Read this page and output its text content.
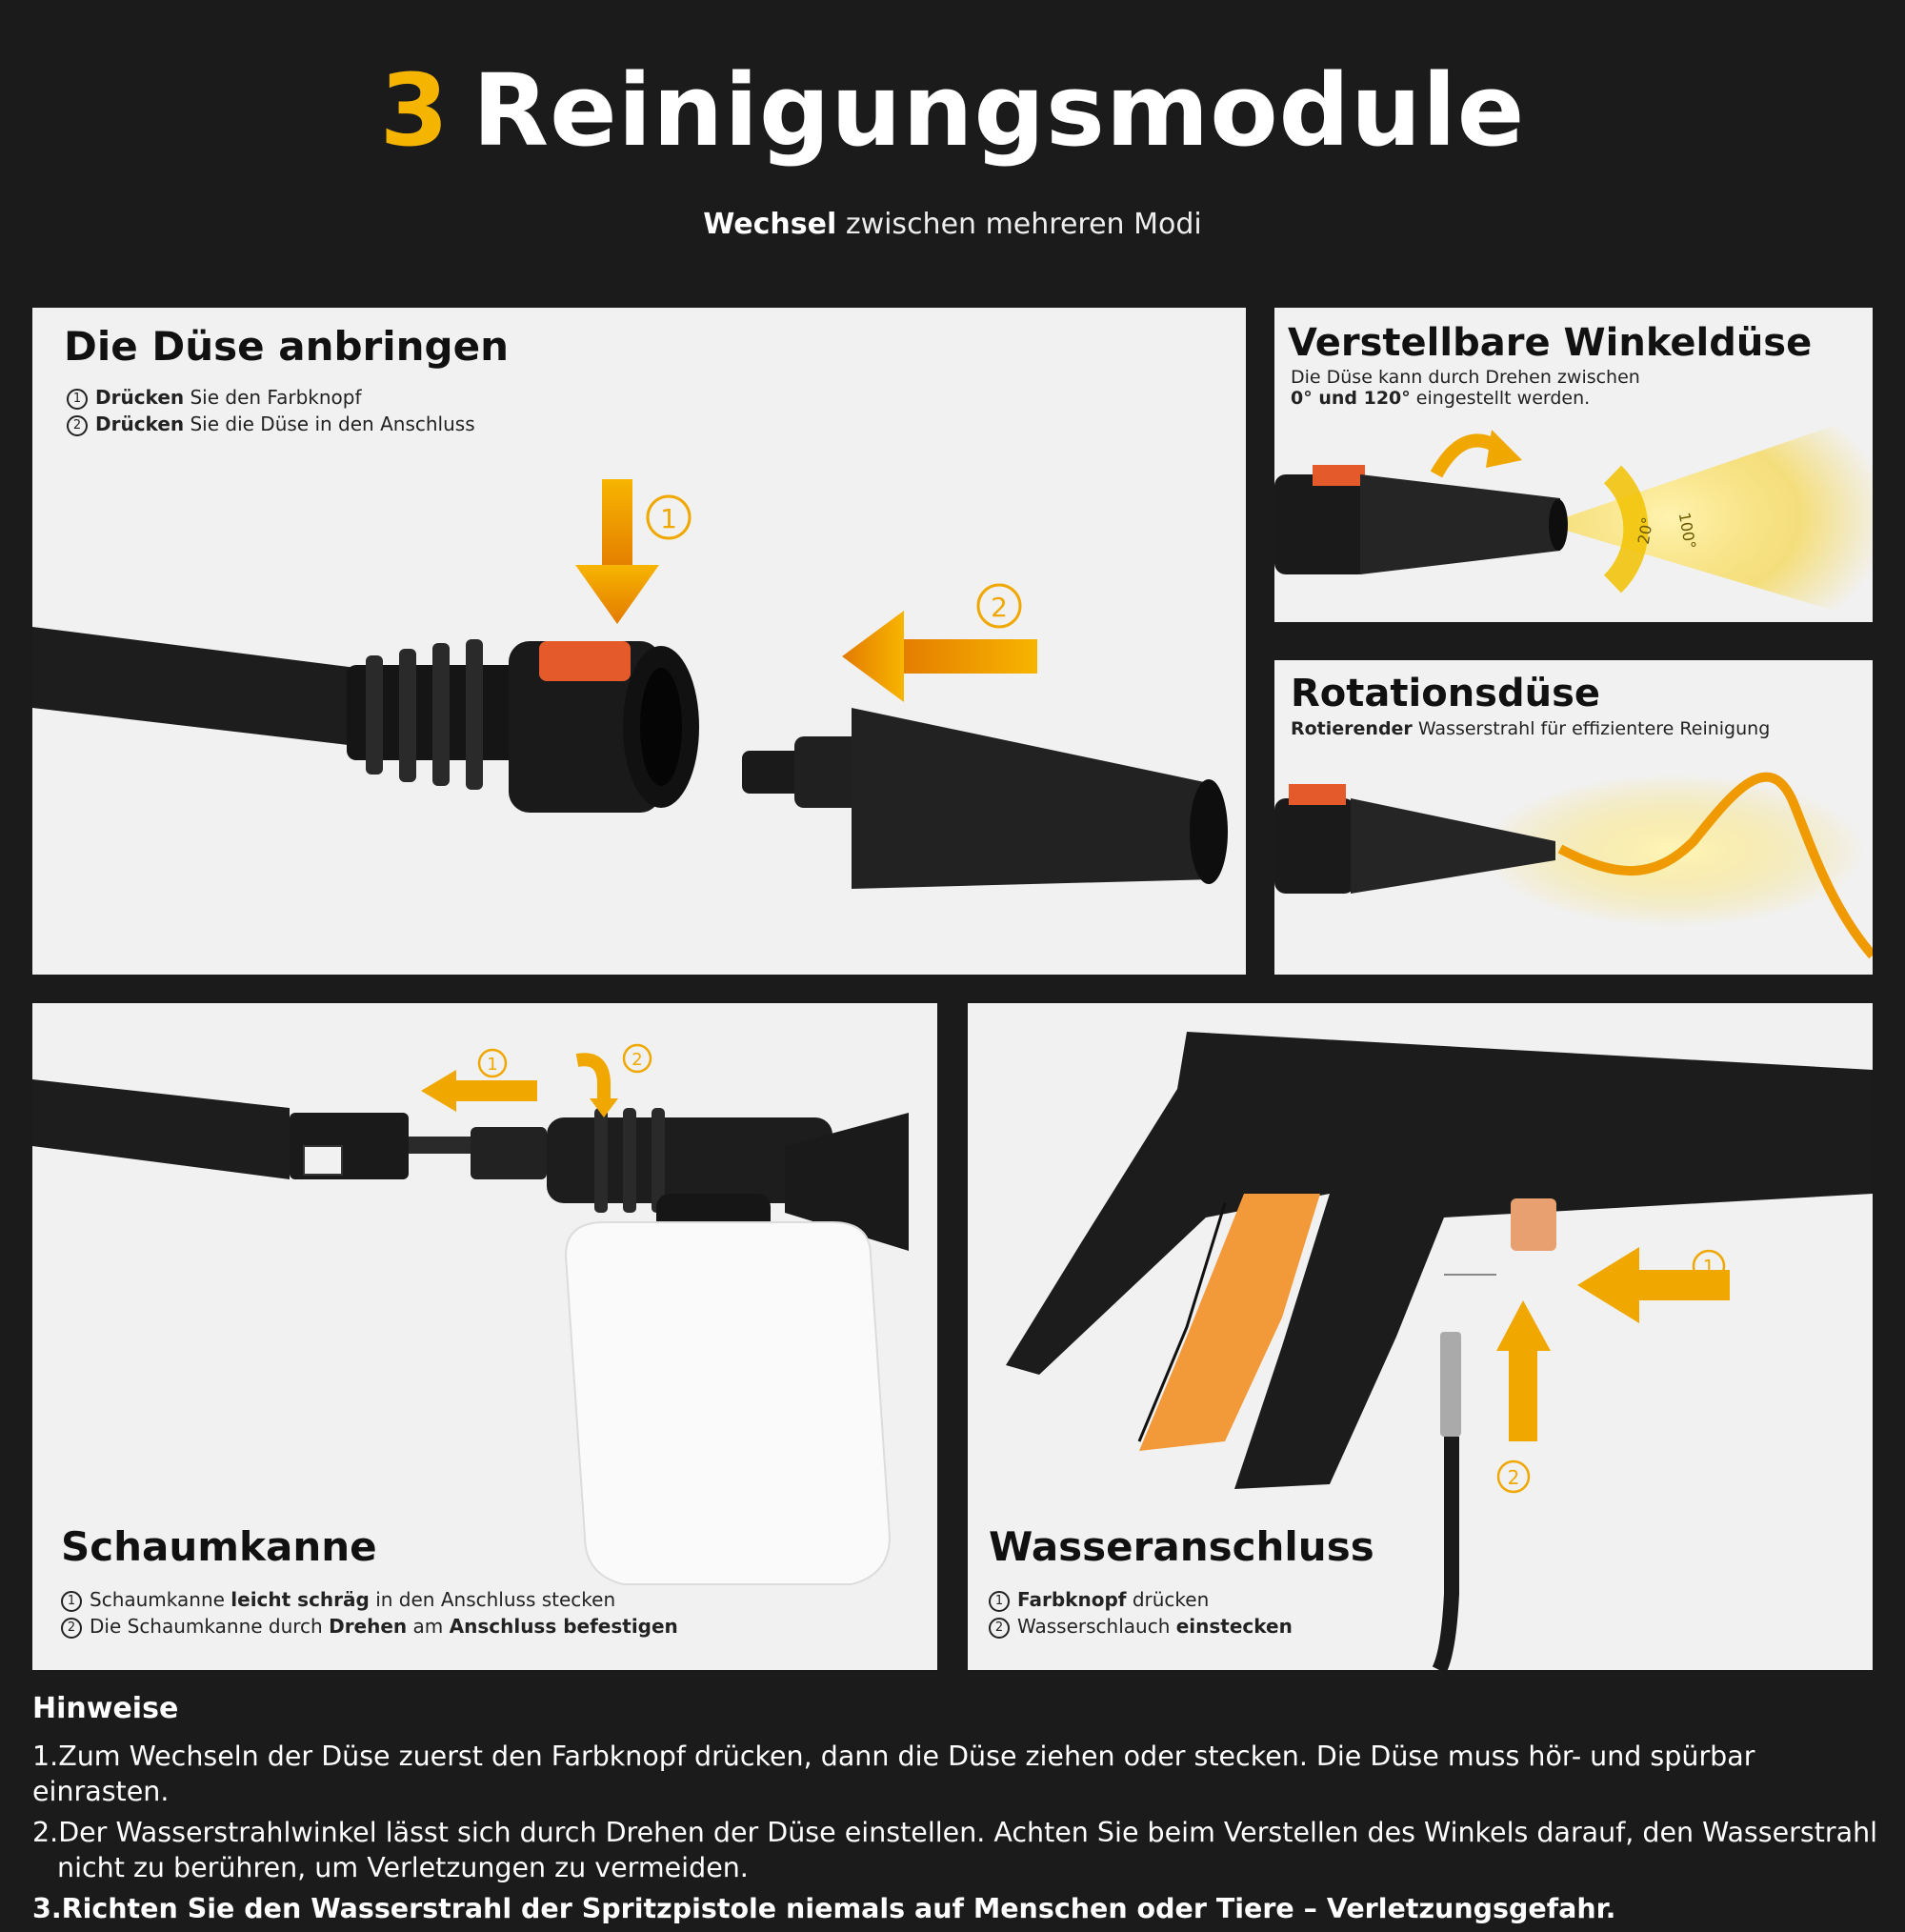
3 Reinigungsmodule
Wechsel zwischen mehreren Modi
Die Düse anbringen
1 Drücken Sie den Farbknopf
2 Drücken Sie die Düse in den Anschluss
1
2
Verstellbare Winkeldüse
Die Düse kann durch Drehen zwischen
0° und 120° eingestellt werden.
20° 100°
Rotationsdüse
Rotierender Wasserstrahl für effizientere Reinigung
1	2
Schaumkanne
1 Schaumkanne leicht schräg in den Anschluss stecken
2 Die Schaumkanne durch Drehen am Anschluss befestigen
1
2
Wasseranschluss
1 Farbknopf drücken
2 Wasserschlauch einstecken
Hinweise
1.Zum Wechseln der Düse zuerst den Farbknopf drücken, dann die Düse ziehen oder stecken. Die Düse muss hör- und spürbar einrasten.
2.Der Wasserstrahlwinkel lässt sich durch Drehen der Düse einstellen. Achten Sie beim Verstellen des Winkels darauf, den Wasserstrahl
nicht zu berühren, um Verletzungen zu vermeiden.
3.Richten Sie den Wasserstrahl der Spritzpistole niemals auf Menschen oder Tiere – Verletzungsgefahr.
